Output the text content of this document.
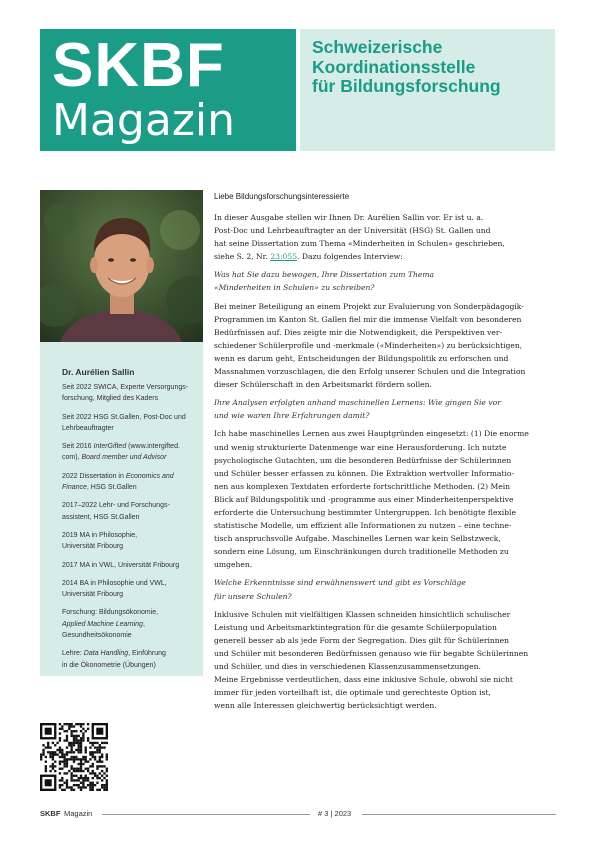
SKBF
Magazin
Schweizerische
Koordinationsstelle
für Bildungsforschung
Dr. Aurélien Sallin
Seit 2022 SWICA, Experte Versorgungs-
forschung, Mitglied des Kaders
Seit 2022 HSG St.Gallen, Post-Doc und
Lehrbeauftragter
Seit 2016 InterGifted (www.intergifted.
com), Board member und Advisor
2022 Dissertation in Economics and
Finance, HSG St.Gallen
2017–2022 Lehr- und Forschungs-
assistent, HSG St.Gallen
2019 MA in Philosophie,
Universität Fribourg
2017 MA in VWL, Universität Fribourg
2014 BA in Philosophie und VWL,
Universität Fribourg
Forschung: Bildungsökonomie,
Applied Machine Learning,
Gesundheitsökonomie
Lehre: Data Handling, Einführung
in die Ökonometrie (Übungen)
Liebe Bildungsforschungsinteressierte
In dieser Ausgabe stellen wir Ihnen Dr. Aurélien Sallin vor. Er ist u. a.
Post-Doc und Lehrbeauftragter an der Universität (HSG) St. Gallen und
hat seine Dissertation zum Thema «Minderheiten in Schulen» geschrieben,
siehe S. 2, Nr. 23:055. Dazu folgendes Interview:
Was hat Sie dazu bewogen, Ihre Dissertation zum Thema
«Minderheiten in Schulen» zu schreiben?
Bei meiner Beteiligung an einem Projekt zur Evaluierung von Sonderpädagogik-
Programmen im Kanton St. Gallen fiel mir die immense Vielfalt von besonderen
Bedürfnissen auf. Dies zeigte mir die Notwendigkeit, die Perspektiven ver-
schiedener Schülerprofile und -merkmale («Minderheiten») zu berücksichtigen,
wenn es darum geht, Entscheidungen der Bildungspolitik zu erforschen und
Massnahmen vorzuschlagen, die den Erfolg unserer Schulen und die Integration
dieser Schülerschaft in den Arbeitsmarkt fördern sollen.
Ihre Analysen erfolgten anhand maschinellen Lernens: Wie gingen Sie vor
und wie waren Ihre Erfahrungen damit?
Ich habe maschinelles Lernen aus zwei Hauptgründen eingesetzt: (1) Die enorme
und wenig strukturierte Datenmenge war eine Herausforderung. Ich nutzte
psychologische Gutachten, um die besonderen Bedürfnisse der Schülerinnen
und Schüler besser erfassen zu können. Die Extraktion wertvoller Informatio-
nen aus komplexen Textdaten erforderte fortschrittliche Methoden. (2) Mein
Blick auf Bildungspolitik und -programme aus einer Minderheitenperspektive
erforderte die Untersuchung bestimmter Untergruppen. Ich benötigte flexible
statistische Modelle, um effizient alle Informationen zu nutzen – eine techne-
tisch anspruchsvolle Aufgabe. Maschinelles Lernen war kein Selbstzweck,
sondern eine Lösung, um Einschränkungen durch traditionelle Methoden zu
umgehen.
Welche Erkenntnisse sind erwähnenswert und gibt es Vorschläge
für unsere Schulen?
Inklusive Schulen mit vielfältigen Klassen schneiden hinsichtlich schulischer
Leistung und Arbeitsmarktintegration für die gesamte Schülerpopulation
generell besser ab als jede Form der Segregation. Dies gilt für Schülerinnen
und Schüler mit besonderen Bedürfnissen genauso wie für begabte Schülerinnen
und Schüler, und dies in verschiedenen Klassenzusammensetzungen.
Meine Ergebnisse verdeutlichen, dass eine inklusive Schule, obwohl sie nicht
immer für jeden vorteilhaft ist, die optimale und gerechteste Option ist,
wenn alle Interessen gleichwertig berücksichtigt werden.
SKBF Magazin	# 3 | 2023
